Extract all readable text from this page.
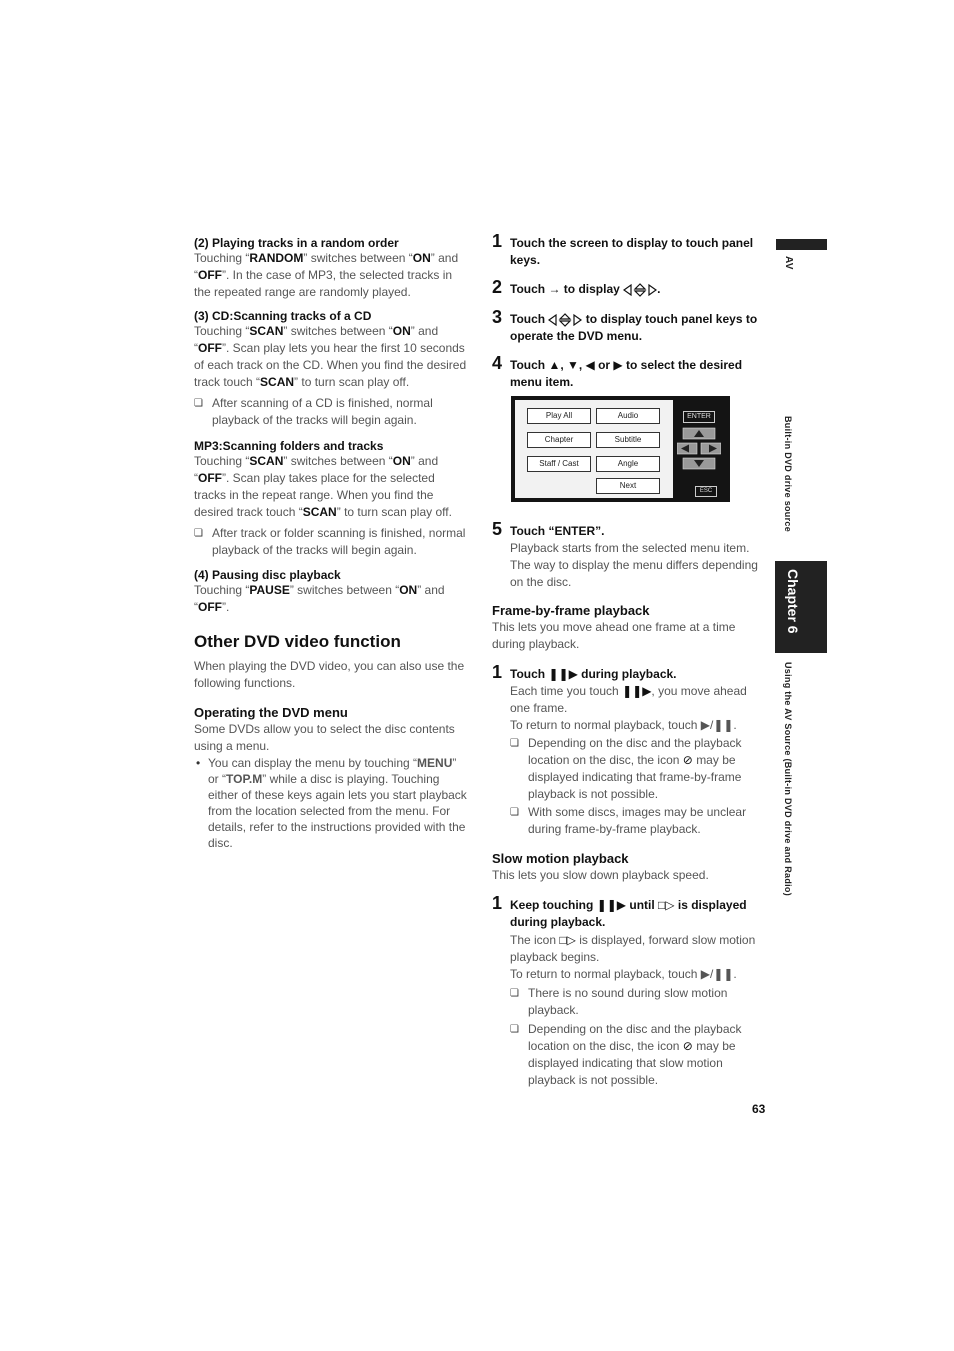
(2) Playing tracks in a random order

Touching “RANDOM” switches between “ON” and “OFF”. In the case of MP3, the selected tracks in the repeated range are randomly played.

(3) CD:Scanning tracks of a CD

Touching “SCAN” switches between “ON” and “OFF”. Scan play lets you hear the first 10 seconds of each track on the CD. When you find the desired track touch “SCAN” to turn scan play off.

❏ After scanning of a CD is finished, normal playback of the tracks will begin again.

MP3:Scanning folders and tracks

Touching “SCAN” switches between “ON” and “OFF”. Scan play takes place for the selected tracks in the repeat range. When you find the desired track touch “SCAN” to turn scan play off.

❏ After track or folder scanning is finished, normal playback of the tracks will begin again.

(4) Pausing disc playback

Touching “PAUSE” switches between “ON” and “OFF”.

Other DVD video function

When playing the DVD video, you can also use the following functions.

Operating the DVD menu

Some DVDs allow you to select the disc contents using a menu.

• You can display the menu by touching “MENU” or “TOP.M” while a disc is playing. Touching either of these keys again lets you start playback from the location selected from the menu. For details, refer to the instructions provided with the disc.

1 Touch the screen to display to touch panel keys.
2 Touch → to display	.
3 Touch	to display touch panel keys to operate the DVD menu.
4 Touch ▲, ▼, ◀ or ▶ to select the desired menu item.
Play All	Audio
Chapter	Subtitle
Staff / Cast	Angle
Next
ENTER
ESC
5 Touch “ENTER”.

Playback starts from the selected menu item. The way to display the menu differs depending on the disc.

Frame-by-frame playback

This lets you move ahead one frame at a time during playback.

1 Touch ❚❚▶ during playback.

Each time you touch ❚❚▶, you move ahead one frame.

To return to normal playback, touch ▶/❚❚.

❏ Depending on the disc and the playback location on the disc, the icon ⊘ may be displayed indicating that frame-by-frame playback is not possible.

❏ With some discs, images may be unclear during frame-by-frame playback.

Slow motion playback

This lets you slow down playback speed.

1 Keep touching ❚❚▶ until □▷ is displayed during playback.

The icon □▷ is displayed, forward slow motion playback begins.

To return to normal playback, touch ▶/❚❚.

❏ There is no sound during slow motion playback.

❏ Depending on the disc and the playback location on the disc, the icon ⊘ may be displayed indicating that slow motion playback is not possible.

AV
Built-in DVD drive source
Chapter 6
Using the AV Source (Built-in DVD drive and Radio)
63
